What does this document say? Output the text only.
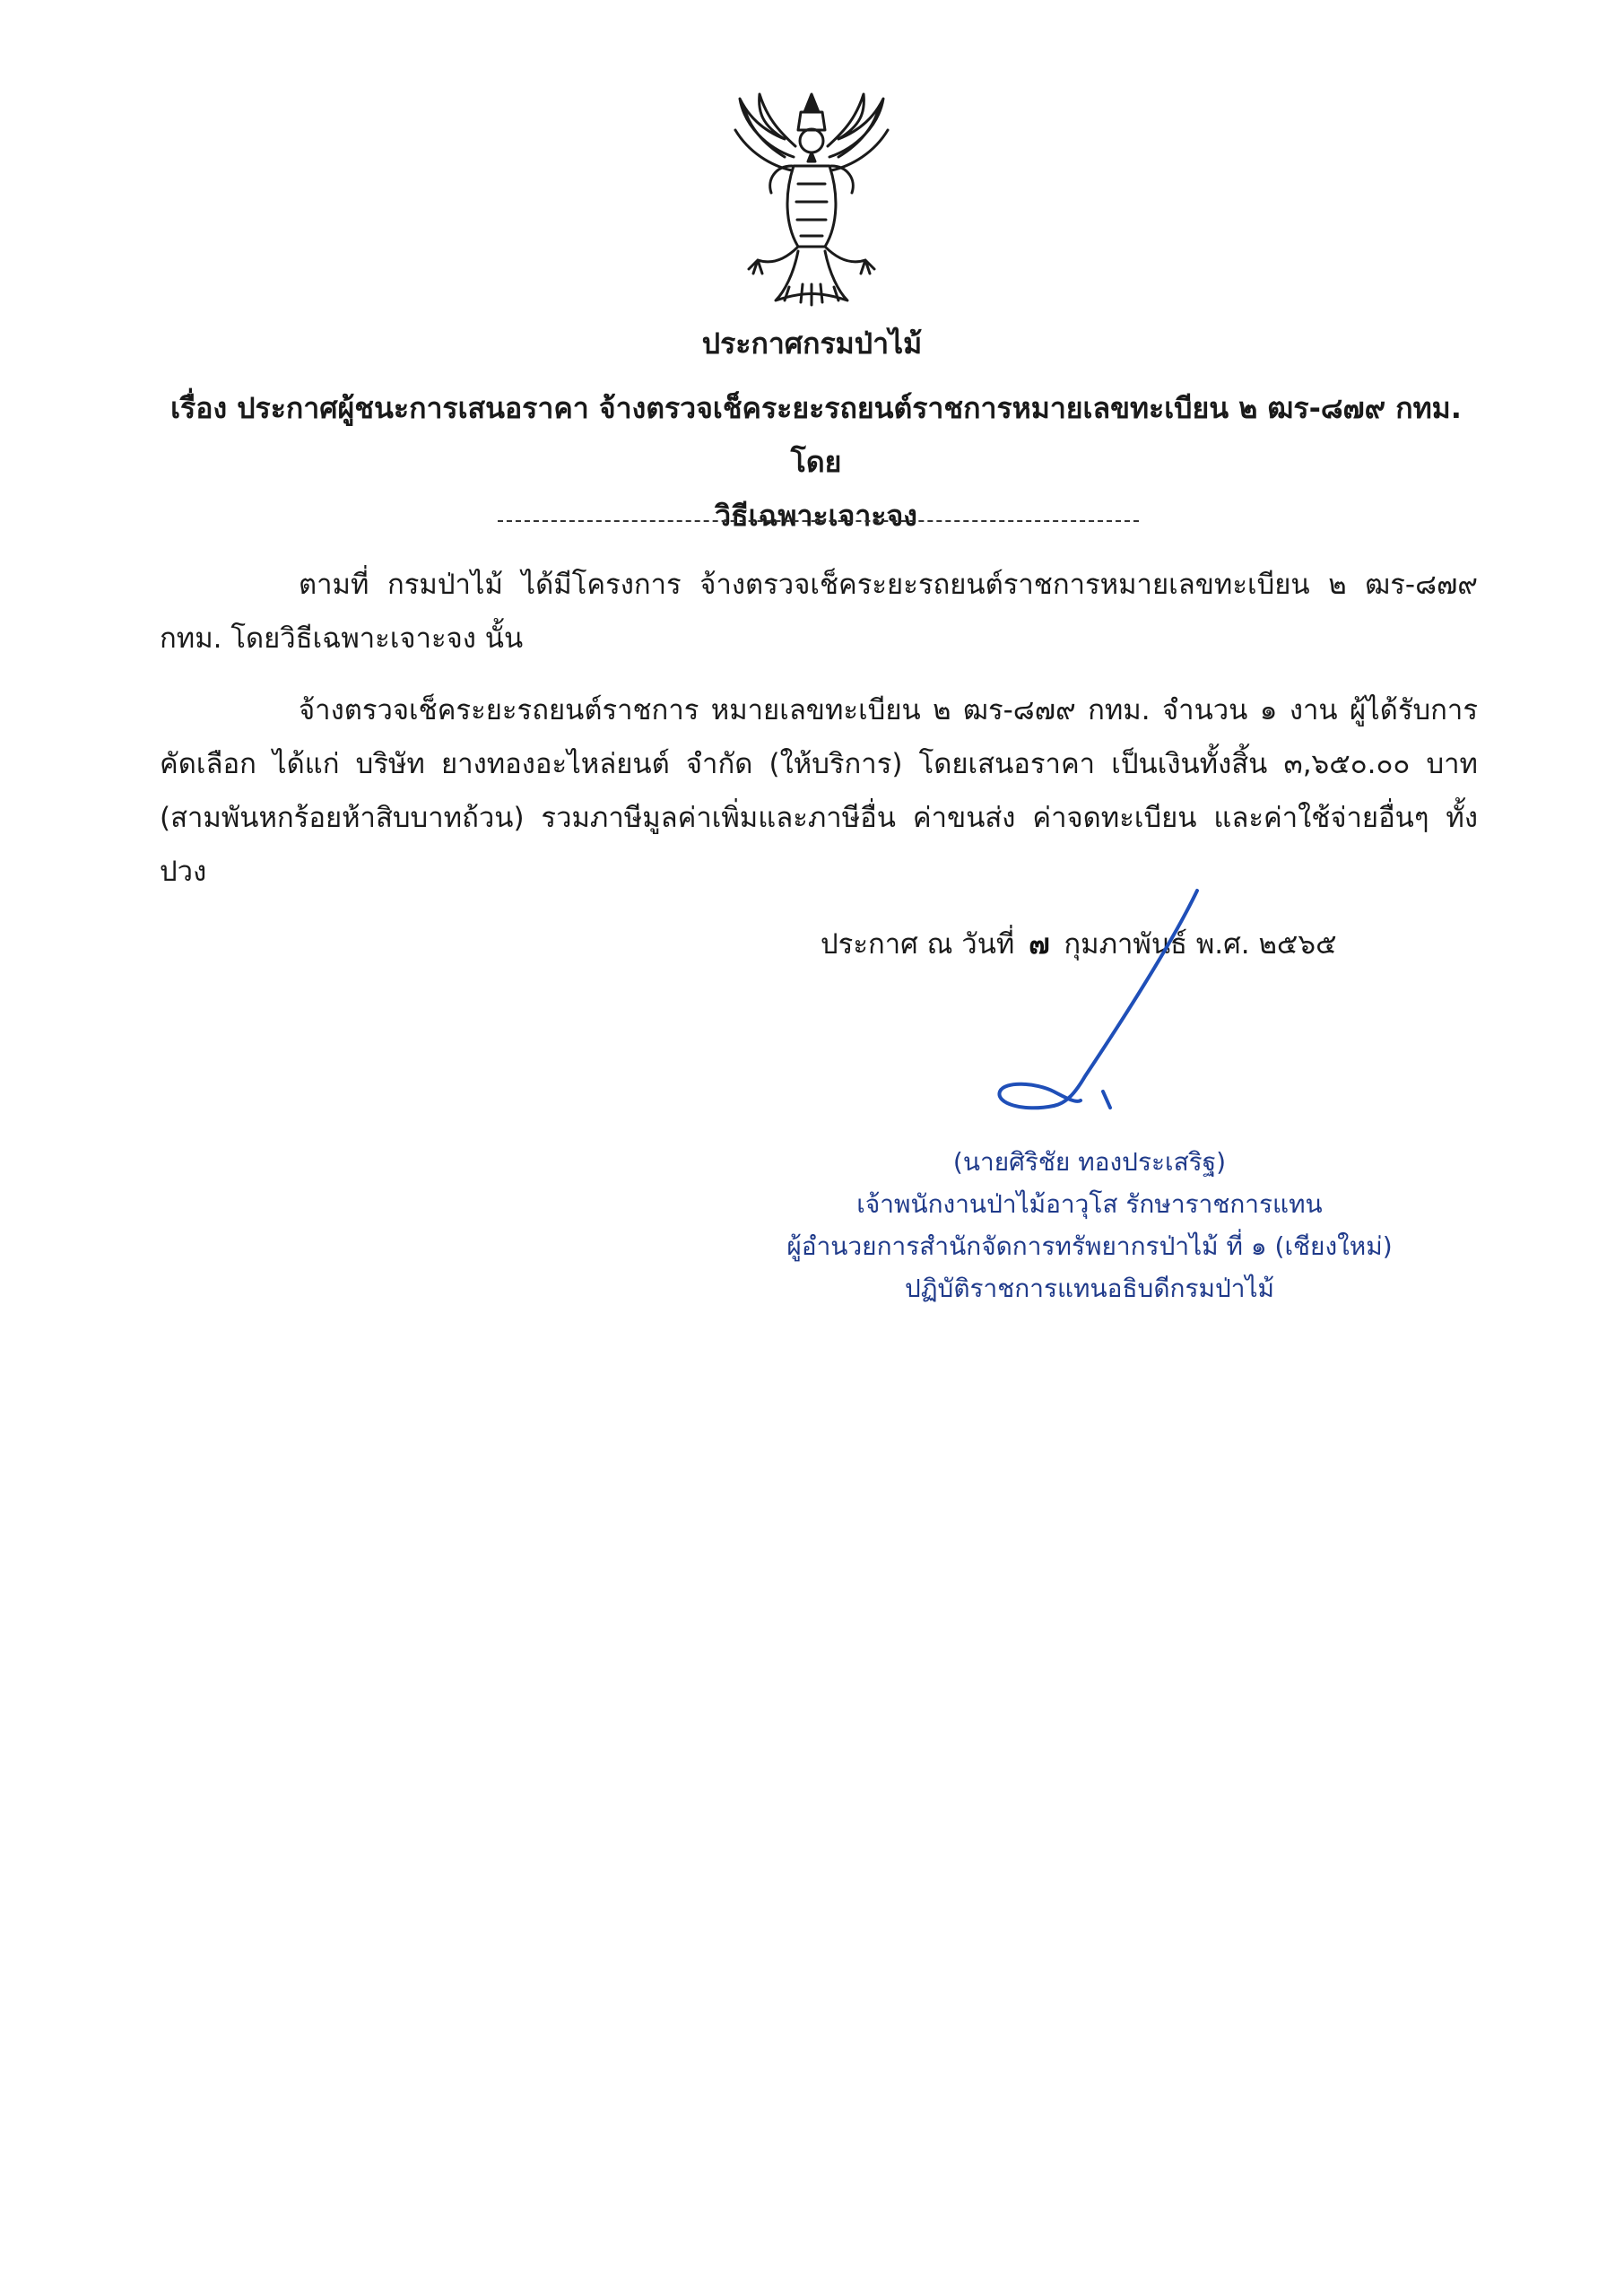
ประกาศกรมป่าไม้
เรื่อง ประกาศผู้ชนะการเสนอราคา จ้างตรวจเช็คระยะรถยนต์ราชการหมายเลขทะเบียน ๒ ฒร-๘๗๙ กทม. โดย
วิธีเฉพาะเจาะจง
ตามที่ กรมป่าไม้ ได้มีโครงการ จ้างตรวจเช็คระยะรถยนต์ราชการหมายเลขทะเบียน ๒ ฒร-๘๗๙ กทม. โดยวิธีเฉพาะเจาะจง นั้น
จ้างตรวจเช็คระยะรถยนต์ราชการ หมายเลขทะเบียน ๒ ฒร-๘๗๙ กทม. จำนวน ๑ งาน ผู้ได้รับการคัดเลือก ได้แก่ บริษัท ยางทองอะไหล่ยนต์ จำกัด (ให้บริการ) โดยเสนอราคา เป็นเงินทั้งสิ้น ๓,๖๕๐.๐๐ บาท (สามพันหกร้อยห้าสิบบาทถ้วน) รวมภาษีมูลค่าเพิ่มและภาษีอื่น ค่าขนส่ง ค่าจดทะเบียน และค่าใช้จ่ายอื่นๆ ทั้งปวง
ประกาศ ณ วันที่ ๗ กุมภาพันธ์ พ.ศ. ๒๕๖๕
(นายศิริชัย ทองประเสริฐ)
เจ้าพนักงานป่าไม้อาวุโส รักษาราชการแทน
ผู้อำนวยการสำนักจัดการทรัพยากรป่าไม้ ที่ ๑ (เชียงใหม่)
ปฏิบัติราชการแทนอธิบดีกรมป่าไม้
